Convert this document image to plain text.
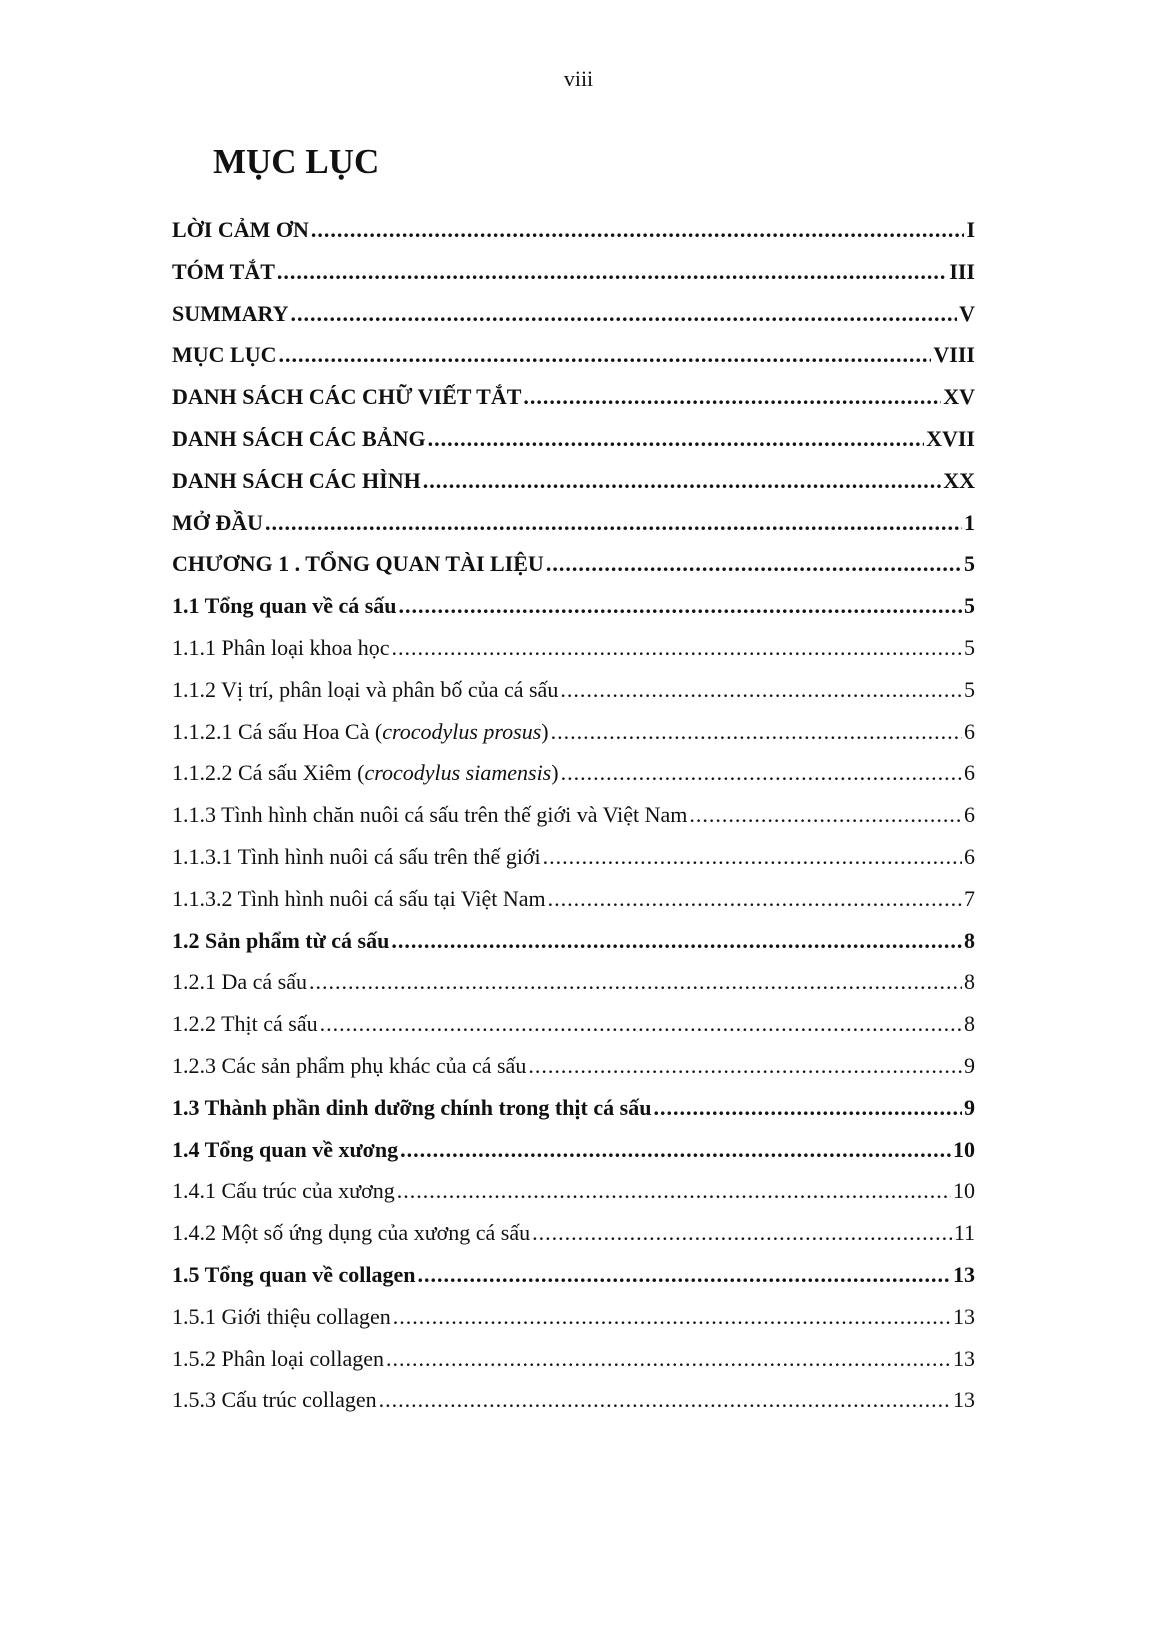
viii
MỤC LỤC
LỜI CẢM ƠN .....	I
TÓM TẮT .....	III
SUMMARY .....	V
MỤC LỤC .....	VIII
DANH SÁCH CÁC CHỮ VIẾT TẮT .....	XV
DANH SÁCH CÁC BẢNG .....	XVII
DANH SÁCH CÁC HÌNH .....	XX
MỞ ĐẦU .....	1
CHƯƠNG 1 . TỔNG QUAN TÀI LIỆU .....	5
1.1 Tổng quan về cá sấu .....	5
1.1.1 Phân loại khoa học .....	5
1.1.2 Vị trí, phân loại và phân bố của cá sấu .....	5
1.1.2.1 Cá sấu Hoa Cà (crocodylus prosus) .....	6
1.1.2.2 Cá sấu Xiêm (crocodylus siamensis) .....	6
1.1.3 Tình hình chăn nuôi cá sấu trên thế giới và Việt Nam .....	6
1.1.3.1 Tình hình nuôi cá sấu trên thế giới .....	6
1.1.3.2 Tình hình nuôi cá sấu tại Việt Nam .....	7
1.2 Sản phẩm từ cá sấu .....	8
1.2.1 Da cá sấu .....	8
1.2.2 Thịt cá sấu .....	8
1.2.3 Các sản phẩm phụ khác của cá sấu .....	9
1.3 Thành phần dinh dưỡng chính trong thịt cá sấu .....	9
1.4 Tổng quan về xương .....	10
1.4.1 Cấu trúc của xương .....	10
1.4.2 Một số ứng dụng của xương cá sấu .....	11
1.5 Tổng quan về collagen .....	13
1.5.1 Giới thiệu collagen .....	13
1.5.2 Phân loại collagen .....	13
1.5.3 Cấu trúc collagen .....	13
